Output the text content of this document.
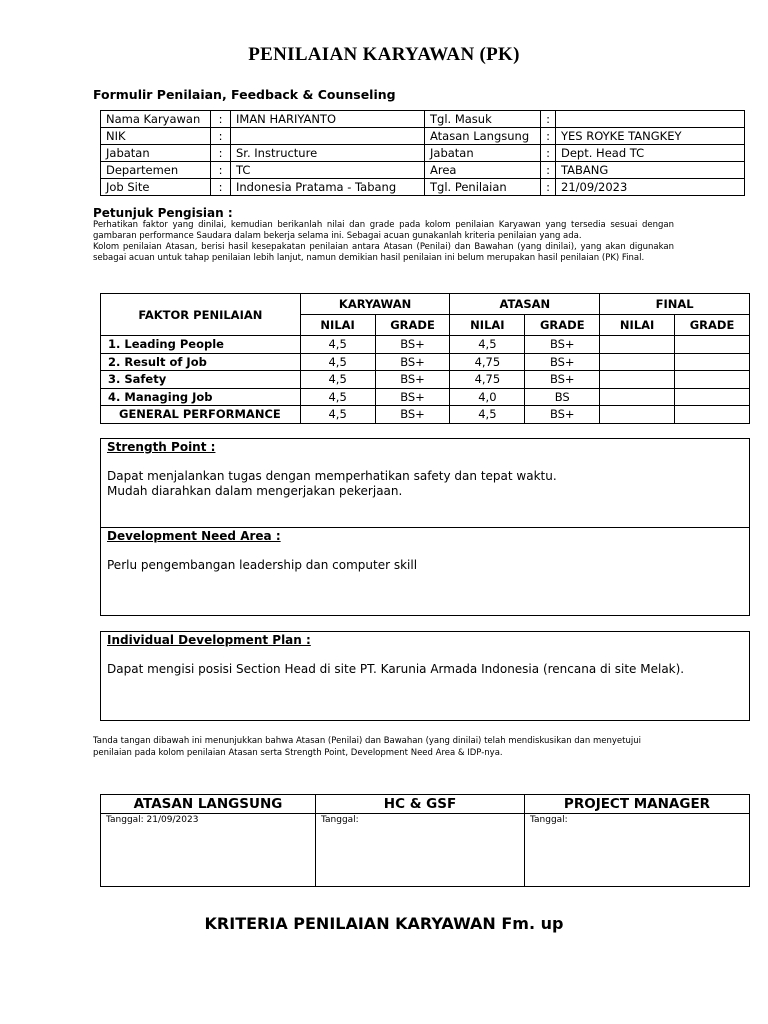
PENILAIAN KARYAWAN (PK)
Formulir Penilaian, Feedback & Counseling
Nama Karyawan	:	IMAN HARIYANTO	Tgl. Masuk	:	
NIK	:		Atasan Langsung	:	YES ROYKE TANGKEY
Jabatan	:	Sr. Instructure	Jabatan	:	Dept. Head TC
Departemen	:	TC	Area	:	TABANG
Job Site	:	Indonesia Pratama - Tabang	Tgl. Penilaian	:	21/09/2023
Petunjuk Pengisian :

Perhatikan faktor yang dinilai, kemudian berikanlah nilai dan grade pada kolom penilaian Karyawan yang tersedia sesuai dengan gambaran performance Saudara dalam bekerja selama ini. Sebagai acuan gunakanlah kriteria penilaian yang ada.

Kolom penilaian Atasan, berisi hasil kesepakatan penilaian antara Atasan (Penilai) dan Bawahan (yang dinilai), yang akan digunakan sebagai acuan untuk tahap penilaian lebih lanjut, namun demikian hasil penilaian ini belum merupakan hasil penilaian (PK) Final.

FAKTOR PENILAIAN	KARYAWAN		ATASAN		FINAL	
	NILAI	GRADE	NILAI	GRADE	NILAI	GRADE
1. Leading People	4,5	BS+	4,5	BS+		
2. Result of Job	4,5	BS+	4,75	BS+		
3. Safety	4,5	BS+	4,75	BS+		
4. Managing Job	4,5	BS+	4,0	BS		
GENERAL PERFORMANCE	4,5	BS+	4,5	BS+		
Strength Point :
Dapat menjalankan tugas dengan memperhatikan safety dan tepat waktu.
Mudah diarahkan dalam mengerjakan pekerjaan.
Development Need Area :
Perlu pengembangan leadership dan computer skill
Individual Development Plan :
Dapat mengisi posisi Section Head di site PT. Karunia Armada Indonesia (rencana di site Melak).
Tanda tangan dibawah ini menunjukkan bahwa Atasan (Penilai) dan Bawahan (yang dinilai) telah mendiskusikan dan menyetujui penilaian pada kolom penilaian Atasan serta Strength Point, Development Need Area & IDP-nya.
ATASAN LANGSUNG	HC & GSF	PROJECT MANAGER
Tanggal: 21/09/2023	Tanggal:	Tanggal:
KRITERIA PENILAIAN KARYAWAN Fm. up
